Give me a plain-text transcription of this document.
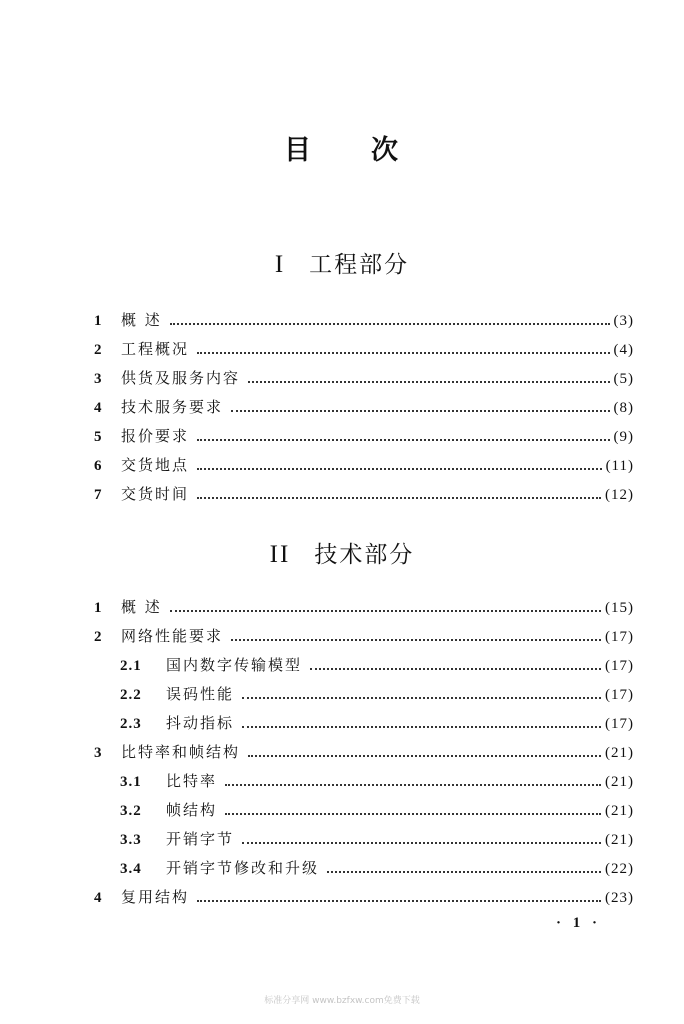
目 次
I 工程部分
1	概 述	(3)
2	工程概况	(4)
3	供货及服务内容	(5)
4	技术服务要求	(8)
5	报价要求	(9)
6	交货地点	(11)
7	交货时间	(12)
II 技术部分
1	概 述	(15)
2	网络性能要求	(17)
2.1	国内数字传输模型	(17)
2.2	误码性能	(17)
2.3	抖动指标	(17)
3	比特率和帧结构	(21)
3.1	比特率	(21)
3.2	帧结构	(21)
3.3	开销字节	(21)
3.4	开销字节修改和升级	(22)
4	复用结构	(23)
· 1 ·
标准分享网 www.bzfxw.com免费下载
